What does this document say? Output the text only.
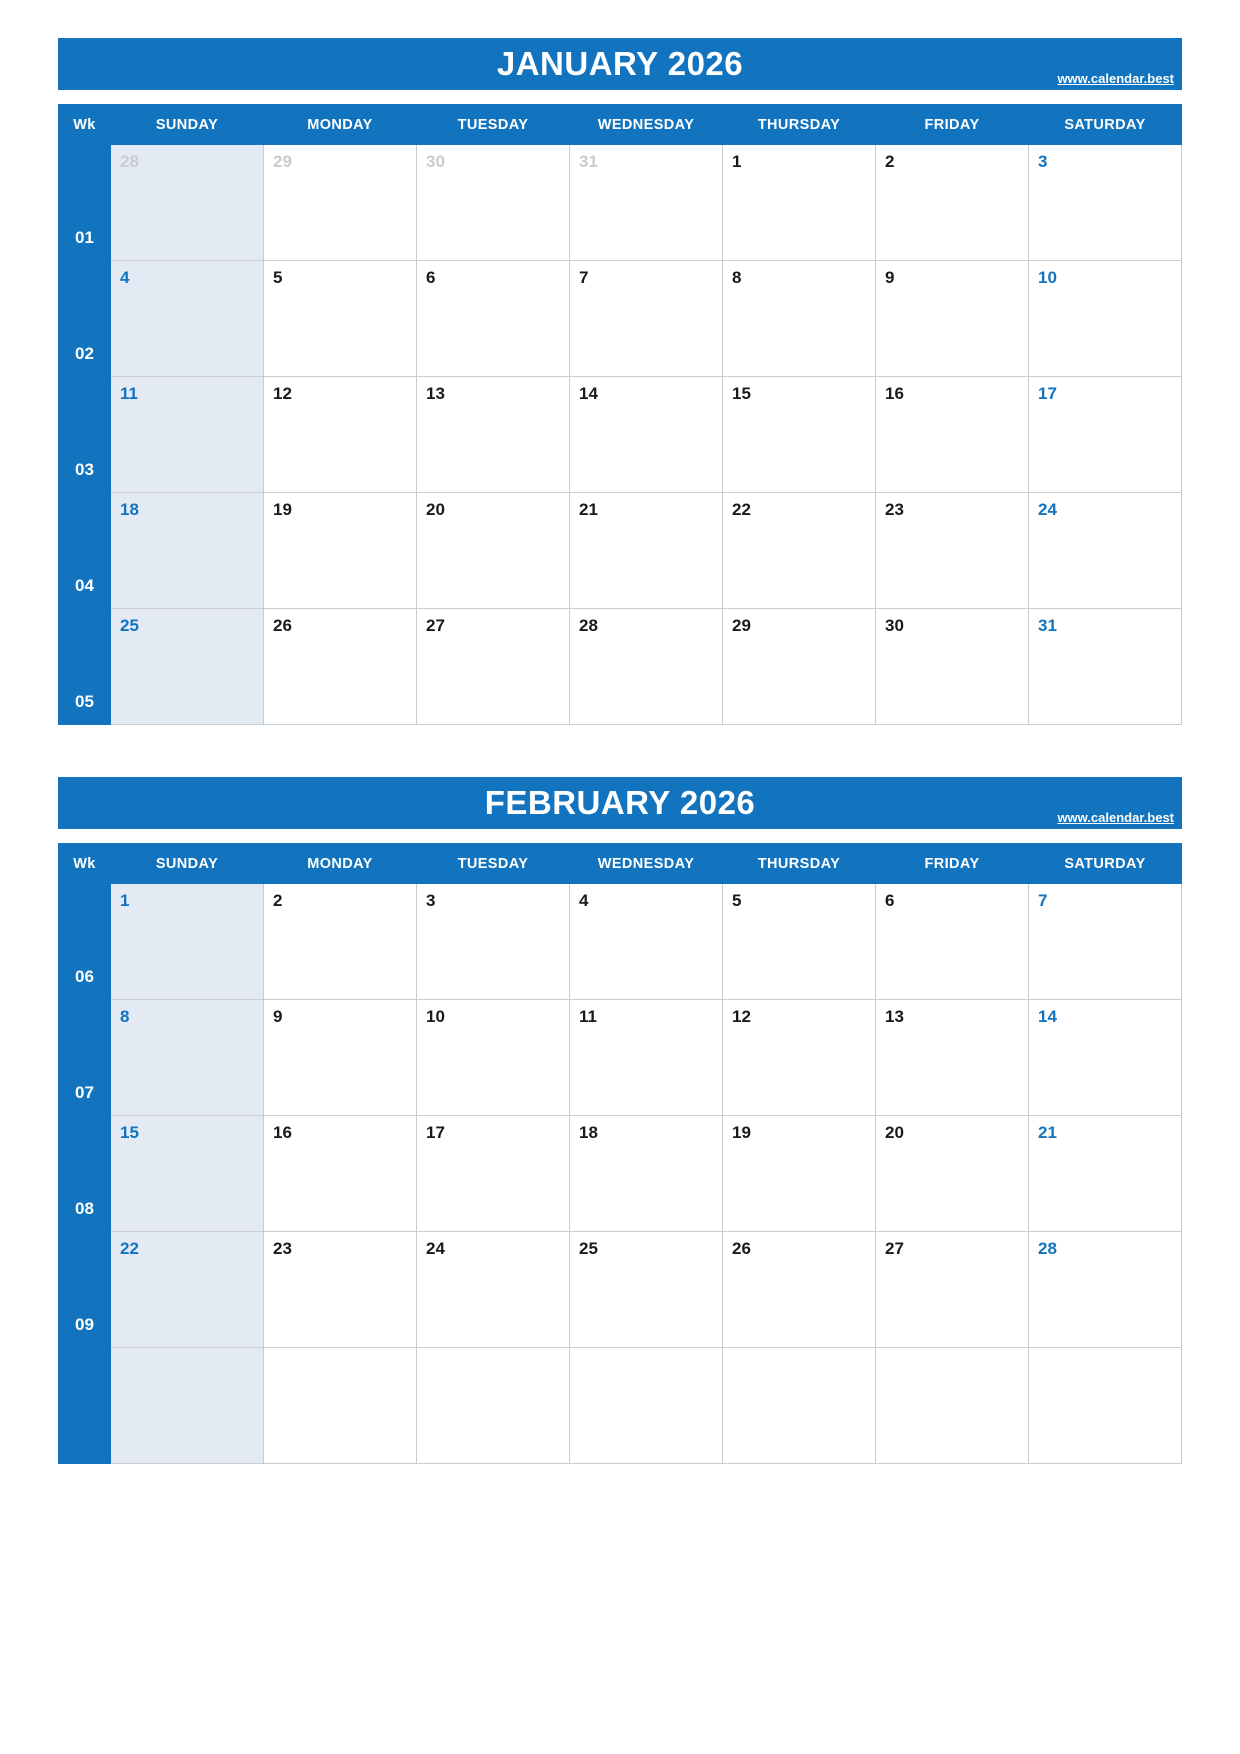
JANUARY 2026	www.calendar.best
Wk	SUNDAY	MONDAY	TUESDAY	WEDNESDAY	THURSDAY	FRIDAY	SATURDAY
01	28	29	30	31	1	2	3
02	4	5	6	7	8	9	10
03	11	12	13	14	15	16	17
04	18	19	20	21	22	23	24
05	25	26	27	28	29	30	31
FEBRUARY 2026	www.calendar.best
Wk	SUNDAY	MONDAY	TUESDAY	WEDNESDAY	THURSDAY	FRIDAY	SATURDAY
06	1	2	3	4	5	6	7
07	8	9	10	11	12	13	14
08	15	16	17	18	19	20	21
09	22	23	24	25	26	27	28
